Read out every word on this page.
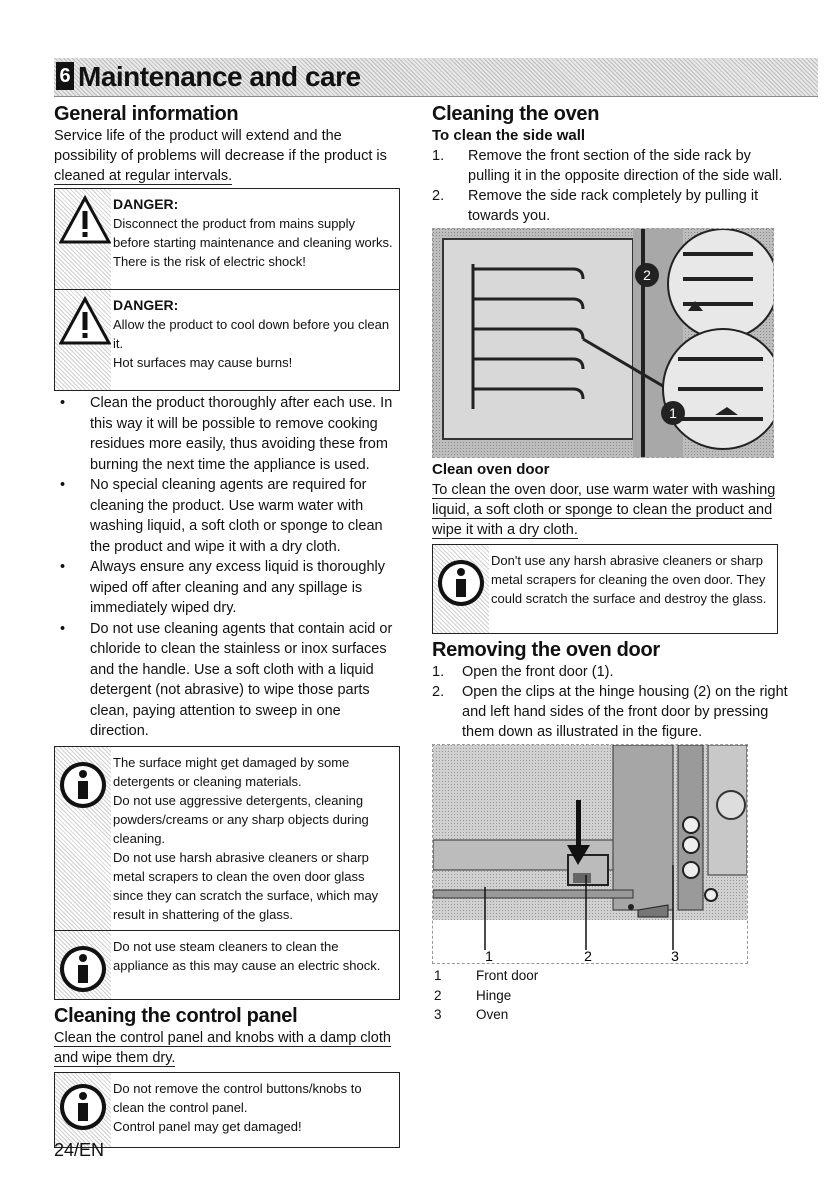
6 Maintenance and care
General information

Service life of the product will extend and the possibility of problems will decrease if the product is cleaned at regular intervals.

DANGER:
Disconnect the product from mains supply before starting maintenance and cleaning works.
There is the risk of electric shock!
DANGER:
Allow the product to cool down before you clean it.
Hot surfaces may cause burns!
• Clean the product thoroughly after each use. In this way it will be possible to remove cooking residues more easily, thus avoiding these from burning the next time the appliance is used.
• No special cleaning agents are required for cleaning the product. Use warm water with washing liquid, a soft cloth or sponge to clean the product and wipe it with a dry cloth.
• Always ensure any excess liquid is thoroughly wiped off after cleaning and any spillage is immediately wiped dry.
• Do not use cleaning agents that contain acid or chloride to clean the stainless or inox surfaces and the handle. Use a soft cloth with a liquid detergent (not abrasive) to wipe those parts clean, paying attention to sweep in one direction.
The surface might get damaged by some detergents or cleaning materials.
Do not use aggressive detergents, cleaning powders/creams or any sharp objects during cleaning.
Do not use harsh abrasive cleaners or sharp metal scrapers to clean the oven door glass since they can scratch the surface, which may result in shattering of the glass.
Do not use steam cleaners to clean the appliance as this may cause an electric shock.
Cleaning the control panel

Clean the control panel and knobs with a damp cloth and wipe them dry.

Do not remove the control buttons/knobs to clean the control panel.
Control panel may get damaged!
Cleaning the oven
To clean the side wall
1. Remove the front section of the side rack by pulling it in the opposite direction of the side wall.
2. Remove the side rack completely by pulling it towards you.
2
1
Clean oven door

To clean the oven door, use warm water with washing liquid, a soft cloth or sponge to clean the product and wipe it with a dry cloth.

Don't use any harsh abrasive cleaners or sharp metal scrapers for cleaning the oven door. They could scratch the surface and destroy the glass.
Removing the oven door
1. Open the front door (1).
2. Open the clips at the hinge housing (2) on the right and left hand sides of the front door by pressing them down as illustrated in the figure.
1	2	3
1	Front door
2	Hinge
3	Oven
24/EN
